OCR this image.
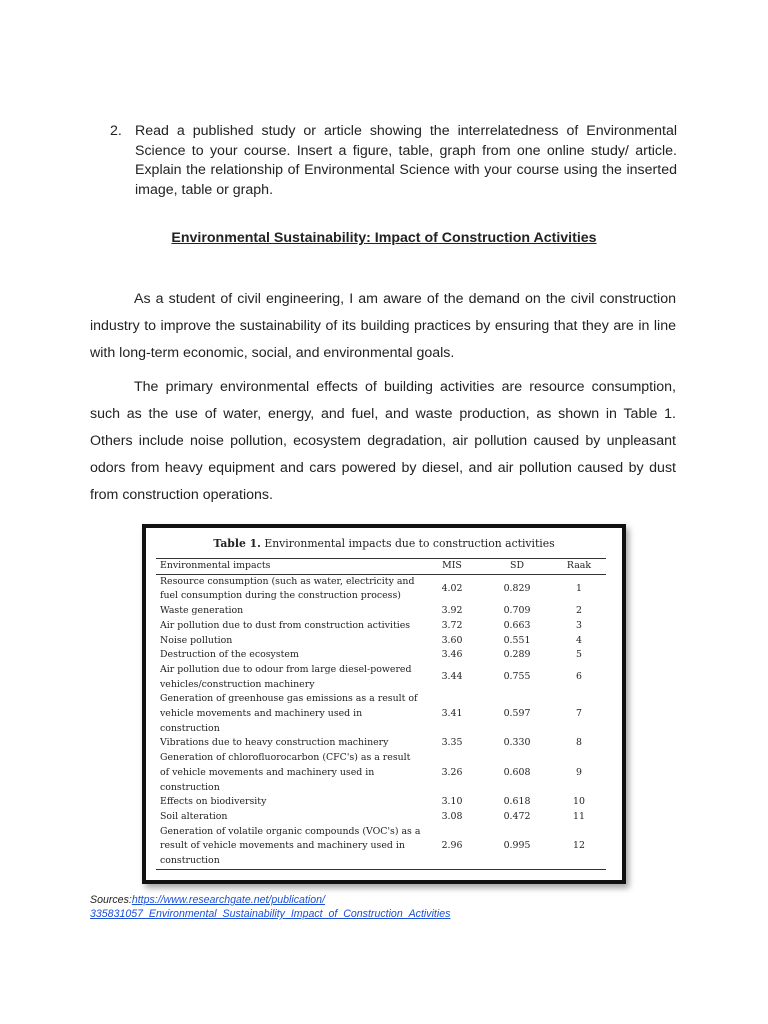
2. Read a published study or article showing the interrelatedness of Environmental Science to your course. Insert a figure, table, graph from one online study/ article. Explain the relationship of Environmental Science with your course using the inserted image, table or graph.
Environmental Sustainability: Impact of Construction Activities

As a student of civil engineering, I am aware of the demand on the civil construction industry to improve the sustainability of its building practices by ensuring that they are in line with long-term economic, social, and environmental goals.

The primary environmental effects of building activities are resource consumption, such as the use of water, energy, and fuel, and waste production, as shown in Table 1. Others include noise pollution, ecosystem degradation, air pollution caused by unpleasant odors from heavy equipment and cars powered by diesel, and air pollution caused by dust from construction operations.

Table 1. Environmental impacts due to construction activities
Environmental impacts	MIS	SD	Raak
Resource consumption (such as water, electricity and fuel consumption during the construction process)	4.02	0.829	1
Waste generation	3.92	0.709	2
Air pollution due to dust from construction activities	3.72	0.663	3
Noise pollution	3.60	0.551	4
Destruction of the ecosystem	3.46	0.289	5
Air pollution due to odour from large diesel-powered vehicles/construction machinery	3.44	0.755	6
Generation of greenhouse gas emissions as a result of vehicle movements and machinery used in construction	3.41	0.597	7
Vibrations due to heavy construction machinery	3.35	0.330	8
Generation of chlorofluorocarbon (CFC's) as a result of vehicle movements and machinery used in construction	3.26	0.608	9
Effects on biodiversity	3.10	0.618	10
Soil alteration	3.08	0.472	11
Generation of volatile organic compounds (VOC's) as a result of vehicle movements and machinery used in construction	2.96	0.995	12
Sources:https://www.researchgate.net/publication/
335831057_Environmental_Sustainability_Impact_of_Construction_Activities
